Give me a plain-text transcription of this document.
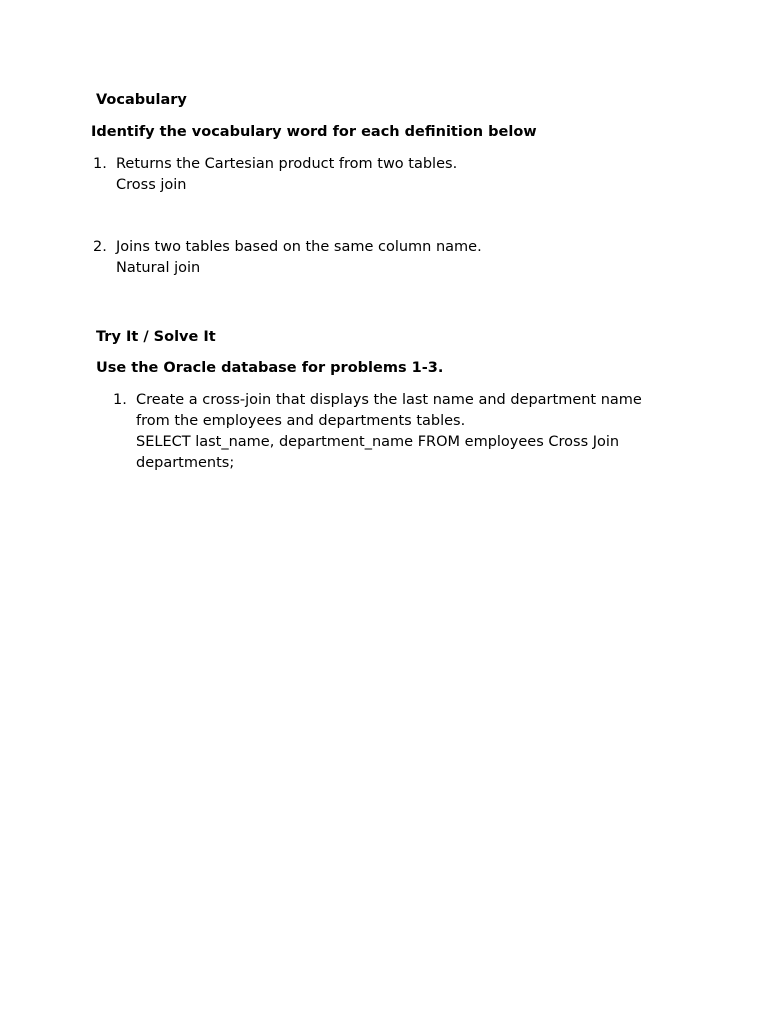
Vocabulary
Identify the vocabulary word for each definition below
1. Returns the Cartesian product from two tables.
Cross join
2. Joins two tables based on the same column name.
Natural join
Try It / Solve It
Use the Oracle database for problems 1-3.
1. Create a cross-join that displays the last name and department name
from the employees and departments tables.
SELECT last_name, department_name FROM employees Cross Join
departments;
